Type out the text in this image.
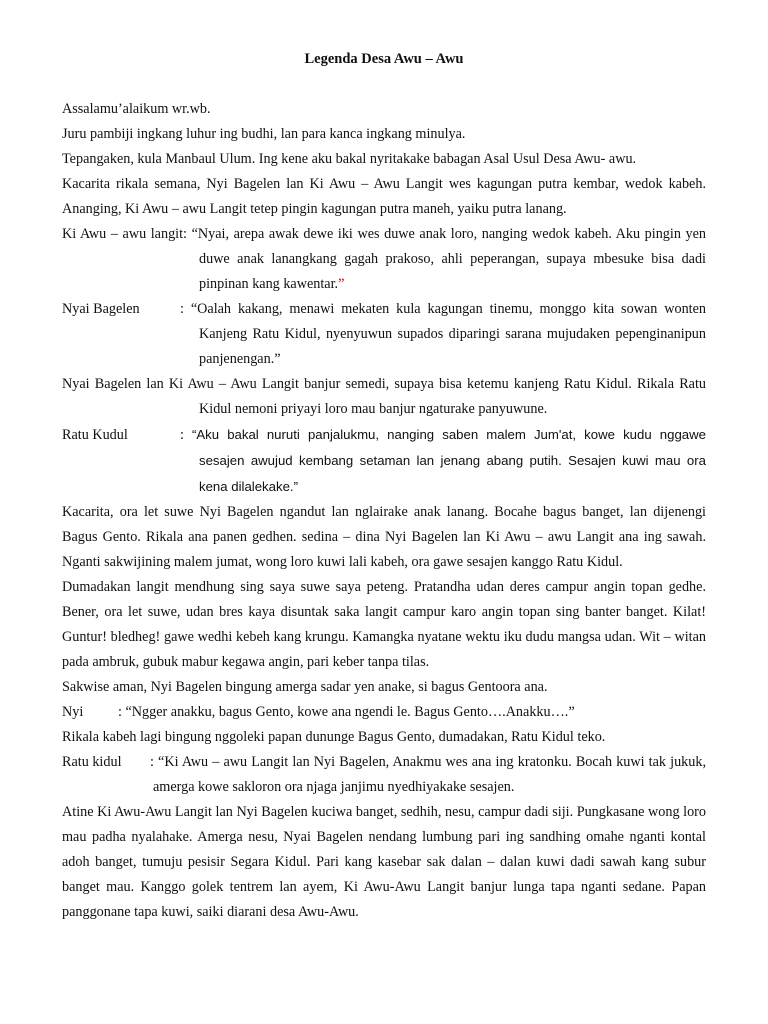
Legenda Desa Awu – Awu

Assalamu’alaikum wr.wb.

Juru pambiji ingkang luhur ing budhi, lan para kanca ingkang minulya.

Tepangaken, kula Manbaul Ulum. Ing kene aku bakal nyritakake babagan Asal Usul Desa Awu- awu.

Kacarita rikala semana, Nyi Bagelen lan Ki Awu – Awu Langit wes kagungan putra kembar, wedok kabeh. Ananging, Ki Awu – awu Langit tetep pingin kagungan putra maneh, yaiku putra lanang.

Ki Awu – awu langit: “Nyai, arepa awak dewe iki wes duwe anak loro, nanging wedok kabeh. Aku pingin yen duwe anak lanangkang gagah prakoso, ahli peperangan, supaya mbesuke bisa dadi pinpinan kang kawentar.”

Nyai Bagelen	: “Oalah kakang, menawi mekaten kula kagungan tinemu, monggo kita sowan wonten Kanjeng Ratu Kidul, nyenyuwun supados diparingi sarana mujudaken pepenginanipun panjenengan.”

Nyai Bagelen lan Ki Awu – Awu Langit banjur semedi, supaya bisa ketemu kanjeng Ratu Kidul. Rikala Ratu Kidul nemoni priyayi loro mau banjur ngaturake panyuwune.

Ratu Kudul	: “Aku bakal nuruti panjalukmu, nanging saben malem Jum'at, kowe kudu nggawe sesajen awujud kembang setaman lan jenang abang putih. Sesajen kuwi mau ora kena dilalekake.”

Kacarita, ora let suwe Nyi Bagelen ngandut lan nglairake anak lanang. Bocahe bagus banget, lan dijenengi Bagus Gento. Rikala ana panen gedhen. sedina – dina Nyi Bagelen lan Ki Awu – awu Langit ana ing sawah. Nganti sakwijining malem jumat, wong loro kuwi lali kabeh, ora gawe sesajen kanggo Ratu Kidul.

Dumadakan langit mendhung sing saya suwe saya peteng. Pratandha udan deres campur angin topan gedhe. Bener, ora let suwe, udan bres kaya disuntak saka langit campur karo angin topan sing banter banget. Kilat! Guntur! bledheg! gawe wedhi kebeh kang krungu. Kamangka nyatane wektu iku dudu mangsa udan. Wit – witan pada ambruk, gubuk mabur kegawa angin, pari keber tanpa tilas.

Sakwise aman, Nyi Bagelen bingung amerga sadar yen anake, si bagus Gentoora ana.

Nyi : “Ngger anakku, bagus Gento, kowe ana ngendi le. Bagus Gento….Anakku….”

Rikala kabeh lagi bingung nggoleki papan dununge Bagus Gento, dumadakan, Ratu Kidul teko.

Ratu kidul : “Ki Awu – awu Langit lan Nyi Bagelen, Anakmu wes ana ing kratonku. Bocah kuwi tak jukuk, amerga kowe sakloron ora njaga janjimu nyedhiyakake sesajen.

Atine Ki Awu-Awu Langit lan Nyi Bagelen kuciwa banget, sedhih, nesu, campur dadi siji. Pungkasane wong loro mau padha nyalahake. Amerga nesu, Nyai Bagelen nendang lumbung pari ing sandhing omahe nganti kontal adoh banget, tumuju pesisir Segara Kidul. Pari kang kasebar sak dalan – dalan kuwi dadi sawah kang subur banget mau. Kanggo golek tentrem lan ayem, Ki Awu-Awu Langit banjur lunga tapa nganti sedane. Papan panggonane tapa kuwi, saiki diarani desa Awu-Awu.
